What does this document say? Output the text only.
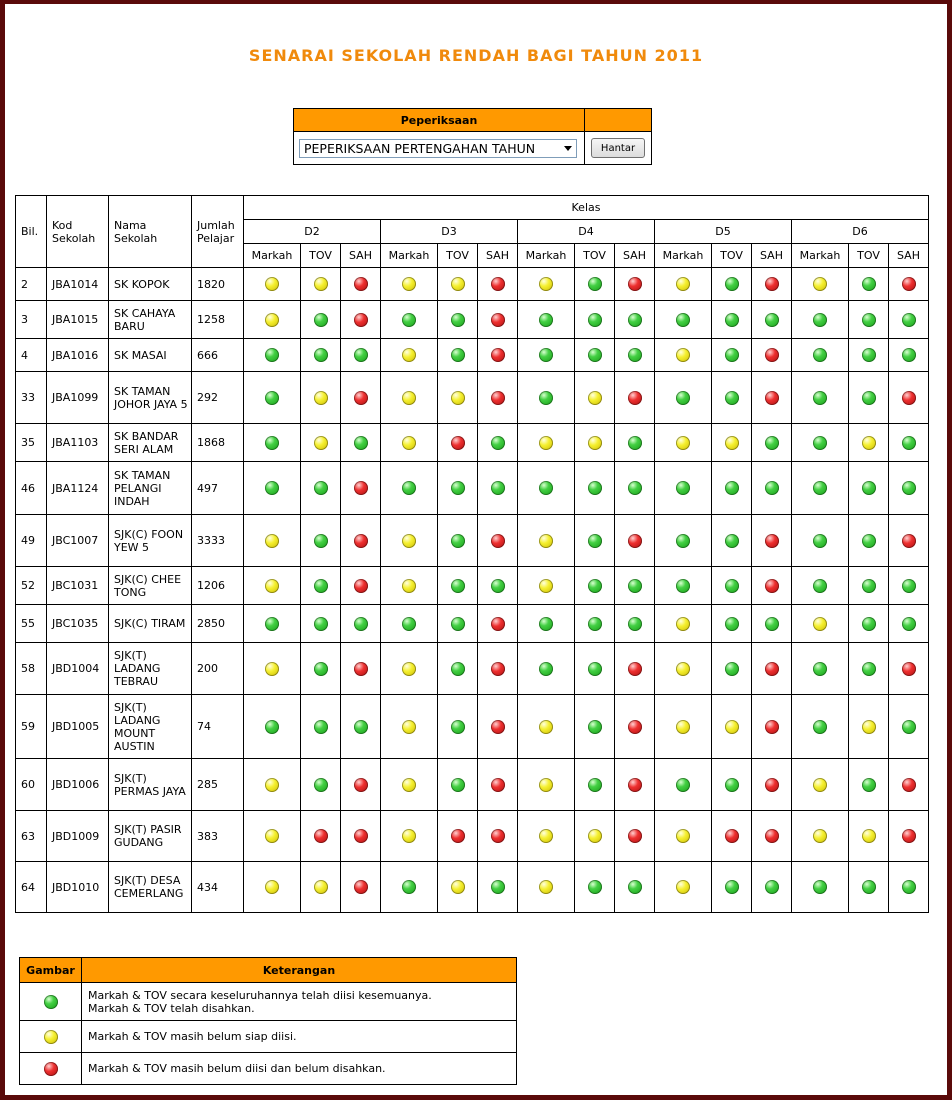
SENARAI SEKOLAH RENDAH BAGI TAHUN 2011
Peperiksaan	

PEPERIKSAAN PERTENGAHAN TAHUN	Hantar
Bil.	Kod Sekolah	Nama Sekolah	Jumlah Pelajar	Kelas														
				D2			D3			D4			D5			D6		
				Markah	TOV	SAH	Markah	TOV	SAH	Markah	TOV	SAH	Markah	TOV	SAH	Markah	TOV	SAH
2	JBA1014	SK KOPOK	1820															
3	JBA1015	SK CAHAYA BARU	1258															
4	JBA1016	SK MASAI	666															
33	JBA1099	SK TAMAN JOHOR JAYA 5	292															
35	JBA1103	SK BANDAR SERI ALAM	1868															
46	JBA1124	SK TAMAN PELANGI INDAH	497															
49	JBC1007	SJK(C) FOON YEW 5	3333															
52	JBC1031	SJK(C) CHEE TONG	1206															
55	JBC1035	SJK(C) TIRAM	2850															
58	JBD1004	SJK(T) LADANG TEBRAU	200															
59	JBD1005	SJK(T) LADANG MOUNT AUSTIN	74															
60	JBD1006	SJK(T) PERMAS JAYA	285															
63	JBD1009	SJK(T) PASIR GUDANG	383															
64	JBD1010	SJK(T) DESA CEMERLANG	434															
Gambar	Keterangan

	Markah & TOV secara keseluruhannya telah diisi kesemuanya.
Markah & TOV telah disahkan.

	Markah & TOV masih belum siap diisi.

	Markah & TOV masih belum diisi dan belum disahkan.
